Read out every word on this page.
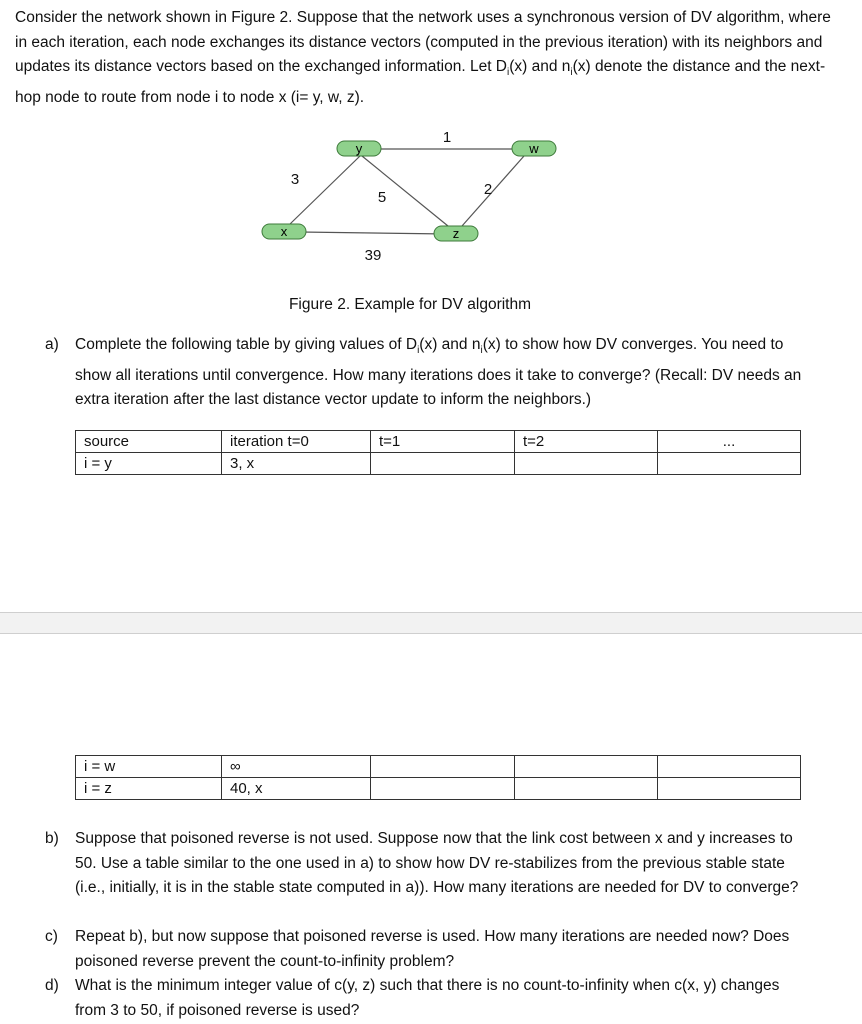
Consider the network shown in Figure 2. Suppose that the network uses a synchronous version of DV algorithm, where in each iteration, each node exchanges its distance vectors (computed in the previous iteration) with its neighbors and updates its distance vectors based on the exchanged information. Let $D_i(x)$ and $n_i(x)$ denote the distance and the next-hop node to route from node i to node x (i= y, w, z).

y	w
x	z
1
3
5	2
39
Figure 2. Example for DV algorithm
a) Complete the following table by giving values of $D_i(x)$ and $n_i(x)$ to show how DV converges. You need to show all iterations until convergence. How many iterations does it take to converge? (Recall: DV needs an extra iteration after the last distance vector update to inform the neighbors.)
source	iteration t=0	t=1	t=2	...
i = y	3, x			
i = w	∞			
i = z	40, x			
b) Suppose that poisoned reverse is not used. Suppose now that the link cost between x and y increases to 50. Use a table similar to the one used in a) to show how DV re-stabilizes from the previous stable state (i.e., initially, it is in the stable state computed in a)). How many iterations are needed for DV to converge?
c) Repeat b), but now suppose that poisoned reverse is used. How many iterations are needed now? Does poisoned reverse prevent the count-to-infinity problem?
d) What is the minimum integer value of c(y, z) such that there is no count-to-infinity when c(x, y) changes from 3 to 50, if poisoned reverse is used?
